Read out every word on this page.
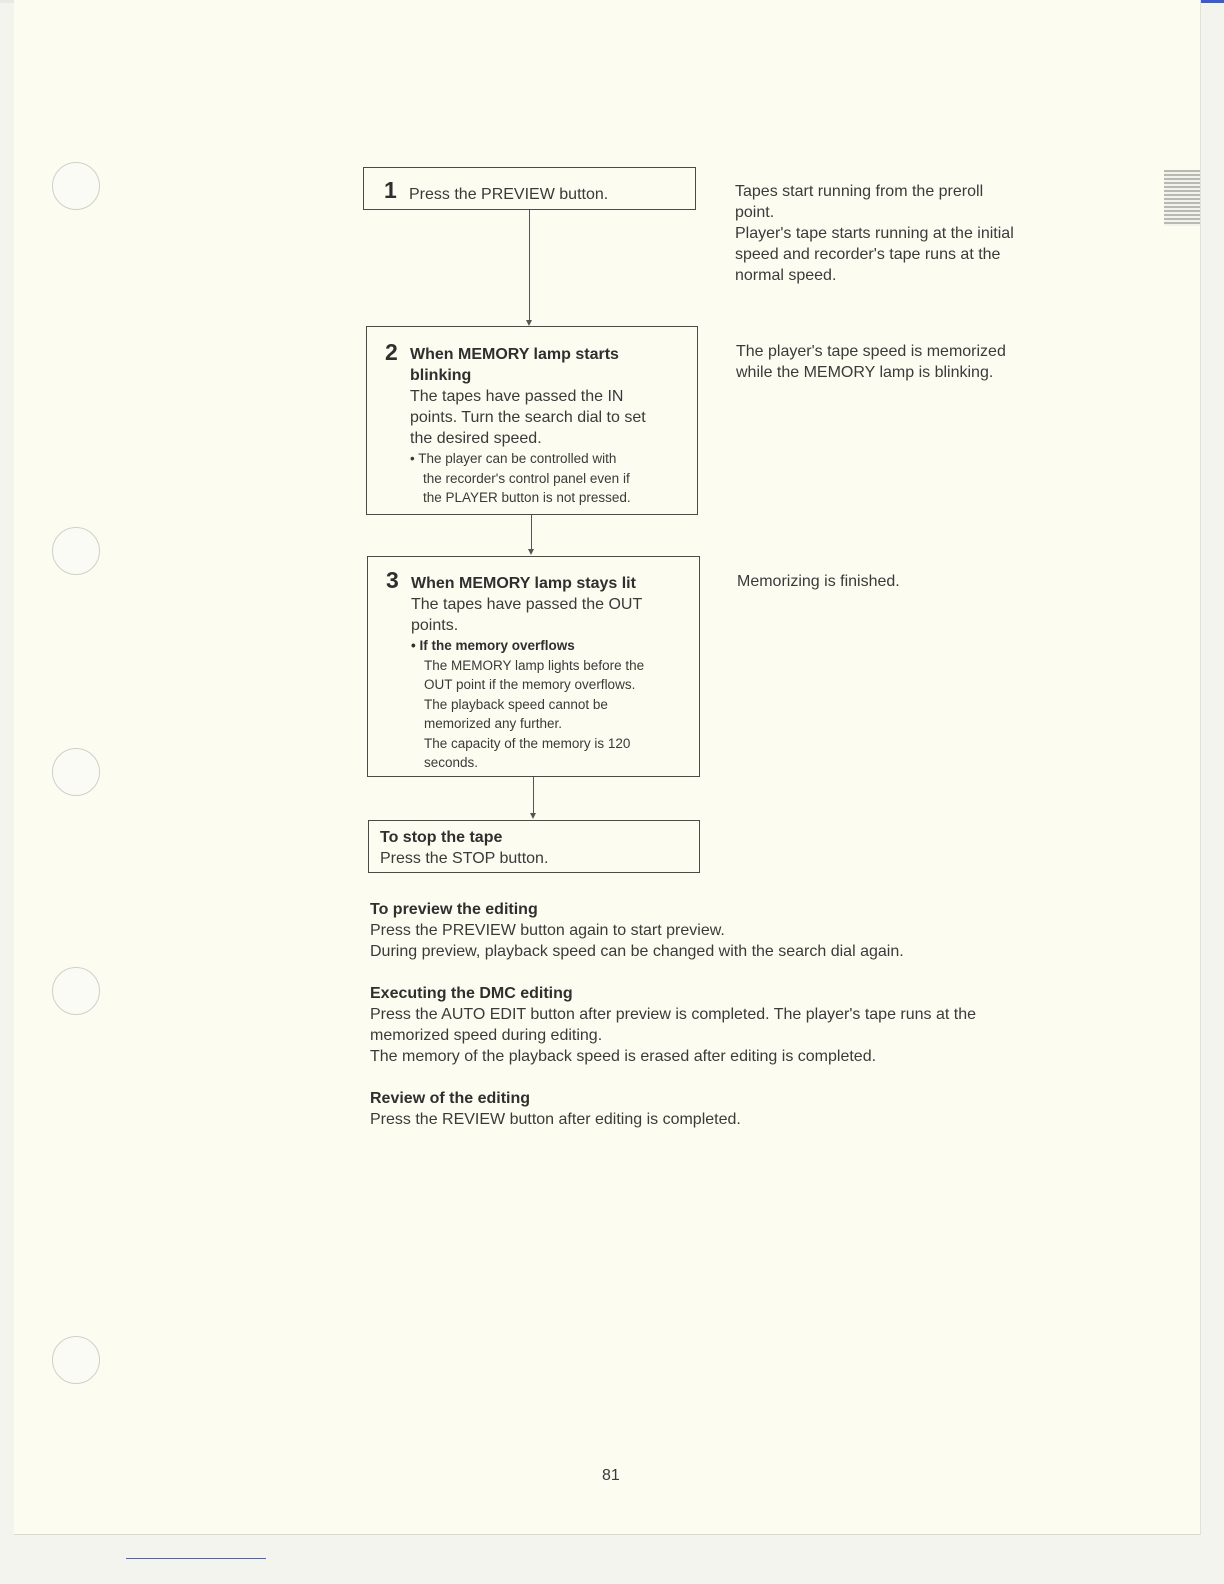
1 Press the PREVIEW button.	Tapes start running from the preroll

point.

Player's tape starts running at the initial

speed and recorder's tape runs at the

normal speed.

2 When MEMORY lamp starts

blinking

The tapes have passed the IN

points. Turn the search dial to set

the desired speed.

• The player can be controlled with

the recorder's control panel even if

the PLAYER button is not pressed.

The player's tape speed is memorized

while the MEMORY lamp is blinking.

3 When MEMORY lamp stays lit

The tapes have passed the OUT

points.

• If the memory overflows

The MEMORY lamp lights before the

OUT point if the memory overflows.

The playback speed cannot be

memorized any further.

The capacity of the memory is 120

seconds.

Memorizing is finished.

To stop the tape

Press the STOP button.

To preview the editing

Press the PREVIEW button again to start preview.

During preview, playback speed can be changed with the search dial again.

Executing the DMC editing

Press the AUTO EDIT button after preview is completed. The player's tape runs at the

memorized speed during editing.

The memory of the playback speed is erased after editing is completed.

Review of the editing

Press the REVIEW button after editing is completed.

81
